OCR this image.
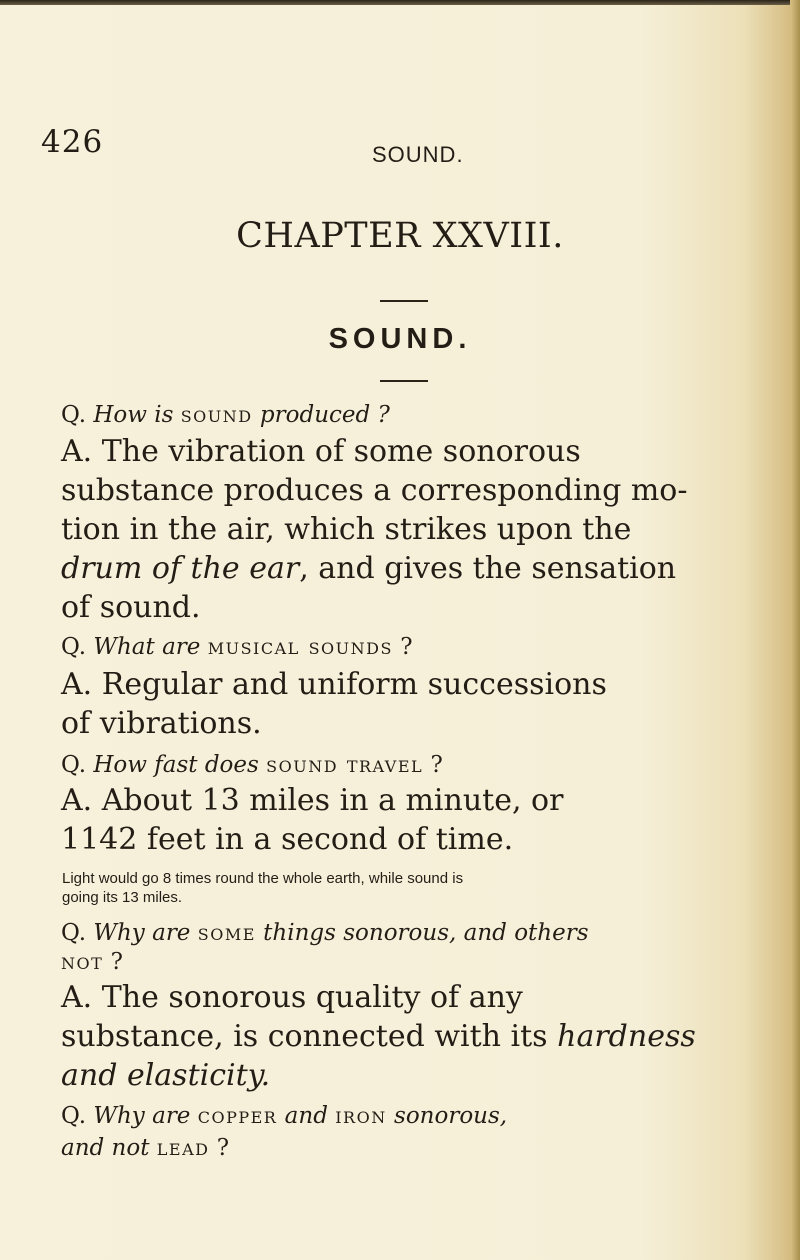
426	SOUND.
CHAPTER XXVIII.
SOUND.
Q. How is sound produced ?
A. The vibration of some sonorous
substance produces a corresponding mo-
tion in the air, which strikes upon the
drum of the ear, and gives the sensation
of sound.
Q. What are musical sounds ?
A. Regular and uniform successions
of vibrations.
Q. How fast does sound travel ?
A. About 13 miles in a minute, or
1142 feet in a second of time.
Light would go 8 times round the whole earth, while sound is
going its 13 miles.
Q. Why are some things sonorous, and others
not ?
A. The sonorous quality of any
substance, is connected with its hardness
and elasticity.
Q. Why are copper and iron sonorous,
and not lead ?
